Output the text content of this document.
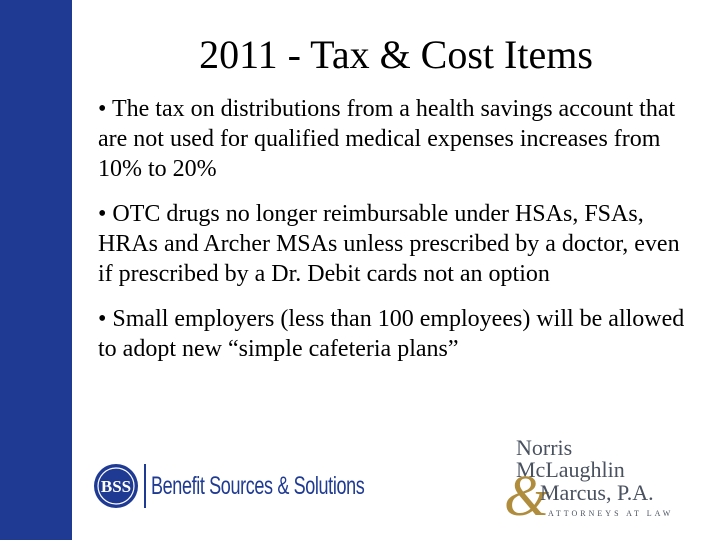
2011 - Tax & Cost Items
• The tax on distributions from a health savings account that are not used for qualified medical expenses increases from 10% to 20%
• OTC drugs no longer reimbursable under HSAs, FSAs, HRAs and Archer MSAs unless prescribed by a doctor, even if prescribed by a Dr. Debit cards not an option
• Small employers (less than 100 employees) will be allowed to adopt new “simple cafeteria plans”
BSS Benefit Sources & Solutions
Norris
McLaughlin
&
Marcus, P.A.
ATTORNEYS AT LAW
